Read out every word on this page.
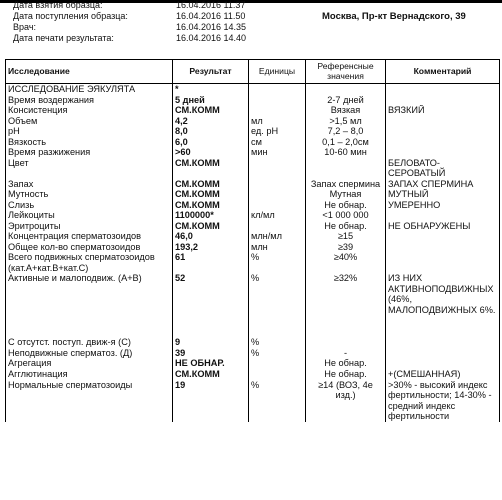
Дата взятия образца:	16.04.2016 11.37
Дата поступления образца:	16.04.2016 11.50
Врач:	16.04.2016 14.35
Дата печати результата:	16.04.2016 14.40
Москва, Пр-кт Вернадского, 39
Исследование	Результат	Единицы	Референсные значения	Комментарий
ИССЛЕДОВАНИЕ ЭЯКУЛЯТА	*			
Время воздержания	5 дней		2-7 дней	
Консистенция	СМ.КОММ		Вязкая	ВЯЗКИЙ
Объем	4,2	мл	>1,5 мл	
pH	8,0	ед. рН	7,2 – 8,0	
Вязкость	6,0	см	0,1 – 2,0см	
Время разжижения	>60	мин	10-60 мин	
Цвет	СМ.КОММ			БЕЛОВАТО-СЕРОВАТЫЙ
Запах	СМ.КОММ		Запах спермина	ЗАПАХ СПЕРМИНА
Мутность	СМ.КОММ		Мутная	МУТНЫЙ
Слизь	СМ.КОММ		Не обнар.	УМЕРЕННО
Лейкоциты	1100000*	кл/мл	<1 000 000	
Эритроциты	СМ.КОММ		Не обнар.	НЕ ОБНАРУЖЕНЫ
Концентрация сперматозоидов	46,0	млн/мл	≥15	
Общее кол-во сперматозоидов	193,2	млн	≥39	

Всего подвижных сперматозоидов
(кат.А+кат.В+кат.С)	61	%	≥40%	
Активные и малоподвиж. (А+В)	52	%	≥32%	ИЗ НИХ АКТИВНОПОДВИЖНЫХ (46%, МАЛОПОДВИЖНЫХ 6%.
С отсутст. поступ. движ-я (С)	9	%		
Неподвижные сперматоз. (Д)	39	%	-	
Агрегация	НЕ ОБНАР.		Не обнар.	
Агглютинация	СМ.КОММ		Не обнар.	+(СМЕШАННАЯ)
Нормальные сперматозоиды	19	%	≥14 (ВОЗ, 4е изд.)	>30% - высокий индекс фертильности; 14-30% - средний индекс фертильности
